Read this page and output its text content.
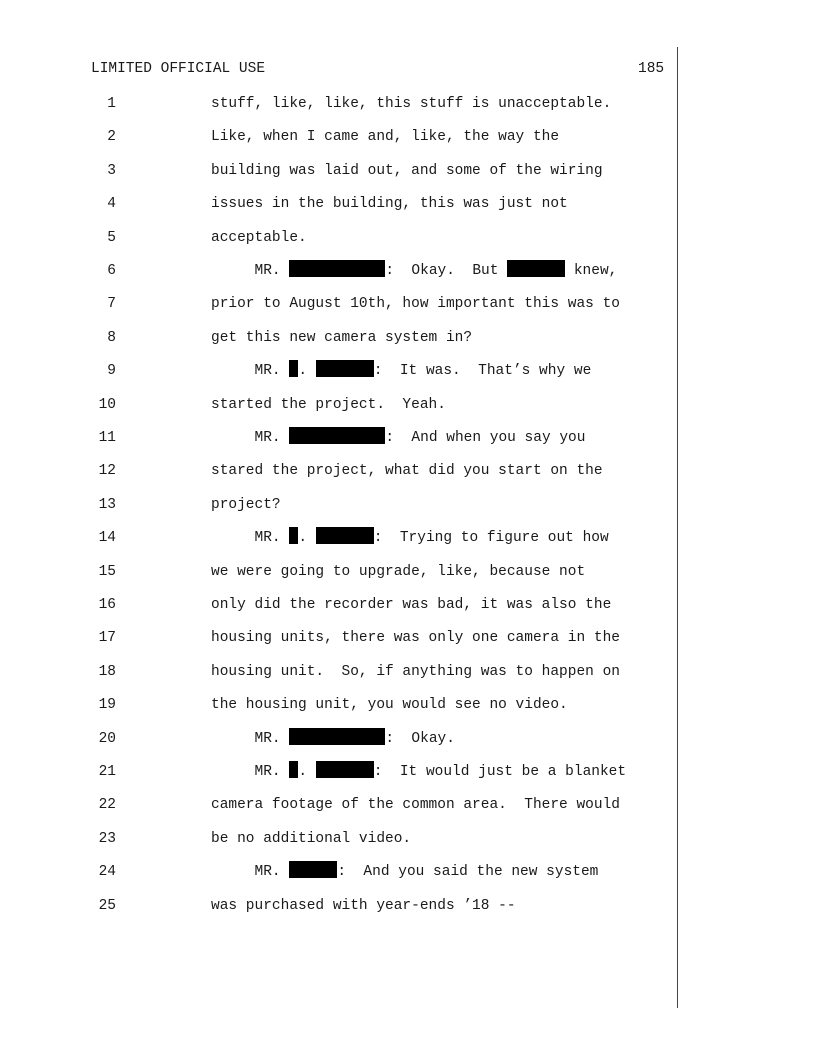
LIMITED OFFICIAL USE	185
1	stuff, like, like, this stuff is unacceptable.
2	Like, when I came and, like, the way the
3	building was laid out, and some of the wiring
4	issues in the building, this was just not
5	acceptable.
6	MR.	:  Okay.  But	knew,
7	prior to August 10th, how important this was to
8	get this new camera system in?
9	MR. .	:  It was.  That’s why we
10	started the project.  Yeah.
11	MR.	:  And when you say you
12	stared the project, what did you start on the
13	project?
14	MR. .	:  Trying to figure out how
15	we were going to upgrade, like, because not
16	only did the recorder was bad, it was also the
17	housing units, there was only one camera in the
18	housing unit.  So, if anything was to happen on
19	the housing unit, you would see no video.
20	MR.	:  Okay.
21	MR. .	:  It would just be a blanket
22	camera footage of the common area.  There would
23	be no additional video.
24	MR.	:  And you said the new system
25	was purchased with year-ends ’18 --
